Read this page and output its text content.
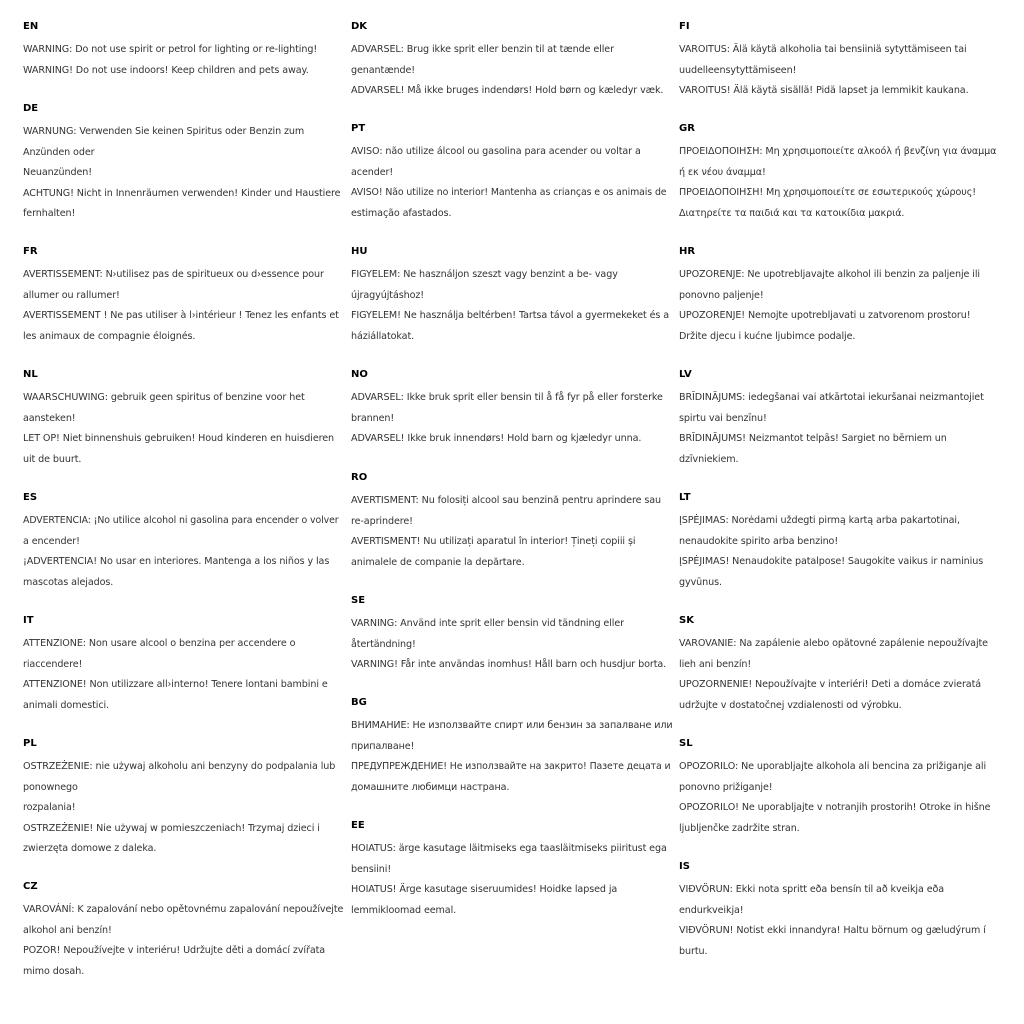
EN

WARNING: Do not use spirit or petrol for lighting or re-lighting!

WARNING! Do not use indoors! Keep children and pets away.

DE

WARNUNG: Verwenden Sie keinen Spiritus oder Benzin zum

Anzünden oder

Neuanzünden!

ACHTUNG! Nicht in Innenräumen verwenden! Kinder und Haustiere

fernhalten!

FR

AVERTISSEMENT: N›utilisez pas de spiritueux ou d›essence pour

allumer ou rallumer!

AVERTISSEMENT ! Ne pas utiliser à l›intérieur ! Tenez les enfants et

les animaux de compagnie éloignés.

NL

WAARSCHUWING: gebruik geen spiritus of benzine voor het

aansteken!

LET OP! Niet binnenshuis gebruiken! Houd kinderen en huisdieren

uit de buurt.

ES

ADVERTENCIA: ¡No utilice alcohol ni gasolina para encender o volver

a encender!

¡ADVERTENCIA! No usar en interiores. Mantenga a los niños y las

mascotas alejados.

IT

ATTENZIONE: Non usare alcool o benzina per accendere o

riaccendere!

ATTENZIONE! Non utilizzare all›interno! Tenere lontani bambini e

animali domestici.

PL

OSTRZEŻENIE: nie używaj alkoholu ani benzyny do podpalania lub

ponownego

rozpalania!

OSTRZEŻENIE! Nie używaj w pomieszczeniach! Trzymaj dzieci i

zwierzęta domowe z daleka.

CZ

VAROVÁNÍ: K zapalování nebo opětovnému zapalování nepoužívejte

alkohol ani benzín!

POZOR! Nepoužívejte v interiéru! Udržujte děti a domácí zvířata

mimo dosah.

DK

ADVARSEL: Brug ikke sprit eller benzin til at tænde eller

genantænde!

ADVARSEL! Må ikke bruges indendørs! Hold børn og kæledyr væk.

PT

AVISO: não utilize álcool ou gasolina para acender ou voltar a

acender!

AVISO! Não utilize no interior! Mantenha as crianças e os animais de

estimação afastados.

HU

FIGYELEM: Ne használjon szeszt vagy benzint a be- vagy

újragyújtáshoz!

FIGYELEM! Ne használja beltérben! Tartsa távol a gyermekeket és a

háziállatokat.

NO

ADVARSEL: Ikke bruk sprit eller bensin til å få fyr på eller forsterke

brannen!

ADVARSEL! Ikke bruk innendørs! Hold barn og kjæledyr unna.

RO

AVERTISMENT: Nu folosiți alcool sau benzină pentru aprindere sau

re-aprindere!

AVERTISMENT! Nu utilizați aparatul în interior! Țineți copiii și

animalele de companie la depărtare.

SE

VARNING: Använd inte sprit eller bensin vid tändning eller

återtändning!

VARNING! Får inte användas inomhus! Håll barn och husdjur borta.

BG

ВНИМАНИЕ: Не използвайте спирт или бензин за запалване или

припалване!

ПРЕДУПРЕЖДЕНИЕ! Не използвайте на закрито! Пазете децата и

домашните любимци настрана.

EE

HOIATUS: ärge kasutage läitmiseks ega taasläitmiseks piiritust ega

bensiini!

HOIATUS! Ärge kasutage siseruumides! Hoidke lapsed ja

lemmikloomad eemal.

FI

VAROITUS: Älä käytä alkoholia tai bensiiniä sytyttämiseen tai

uudelleensytyttämiseen!

VAROITUS! Älä käytä sisällä! Pidä lapset ja lemmikit kaukana.

GR

ΠΡΟΕΙΔΟΠΟΙΗΣΗ: Μη χρησιμοποιείτε αλκοόλ ή βενζίνη για άναμμα

ή εκ νέου άναμμα!

ΠΡΟΕΙΔΟΠΟΙΗΣΗ! Μη χρησιμοποιείτε σε εσωτερικούς χώρους!

Διατηρείτε τα παιδιά και τα κατοικίδια μακριά.

HR

UPOZORENJE: Ne upotrebljavajte alkohol ili benzin za paljenje ili

ponovno paljenje!

UPOZORENJE! Nemojte upotrebljavati u zatvorenom prostoru!

Držite djecu i kućne ljubimce podalje.

LV

BRĪDINĀJUMS: iedegšanai vai atkārtotai iekuršanai neizmantojiet

spirtu vai benzīnu!

BRĪDINĀJUMS! Neizmantot telpās! Sargiet no bērniem un

dzīvniekiem.

LT

ĮSPĖJIMAS: Norėdami uždegti pirmą kartą arba pakartotinai,

nenaudokite spirito arba benzino!

ĮSPĖJIMAS! Nenaudokite patalpose! Saugokite vaikus ir naminius

gyvūnus.

SK

VAROVANIE: Na zapálenie alebo opätovné zapálenie nepoužívajte

lieh ani benzín!

UPOZORNENIE! Nepoužívajte v interiéri! Deti a domáce zvieratá

udržujte v dostatočnej vzdialenosti od výrobku.

SL

OPOZORILO: Ne uporabljajte alkohola ali bencina za prižiganje ali

ponovno prižiganje!

OPOZORILO! Ne uporabljajte v notranjih prostorih! Otroke in hišne

ljubljenčke zadržite stran.

IS

VIÐVÖRUN: Ekki nota spritt eða bensín til að kveikja eða

endurkveikja!

VIÐVÖRUN! Notist ekki innandyra! Haltu börnum og gæludýrum í

burtu.
